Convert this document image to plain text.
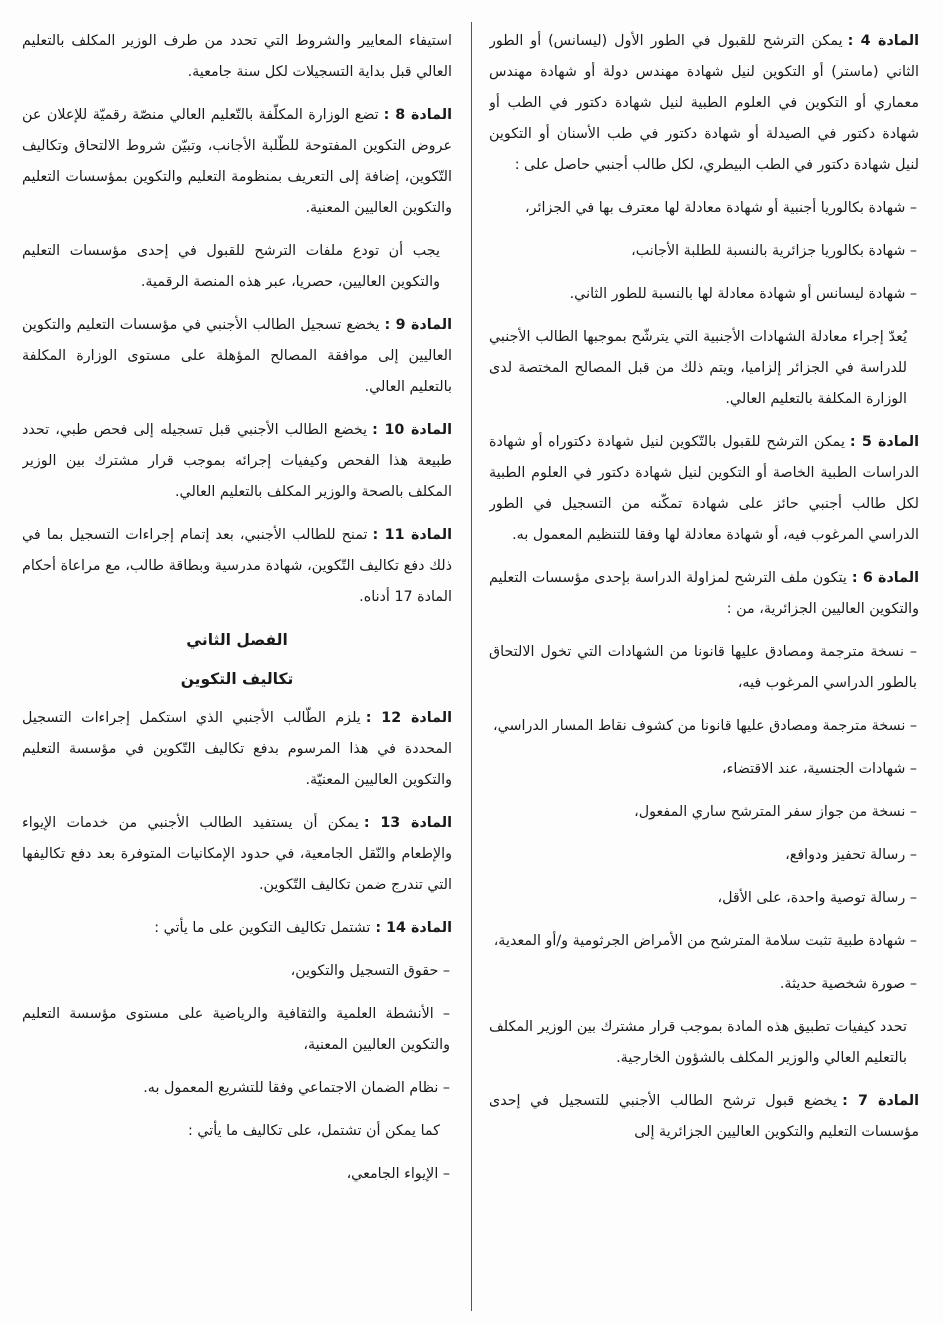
المادة 4 :يمكن الترشح للقبول في الطور الأول (ليسانس) أو الطور الثاني (ماستر) أو التكوين لنيل شهادة مهندس دولة أو شهادة مهندس معماري أو التكوين في العلوم الطبية لنيل شهادة دكتور في الطب أو شهادة دكتور في الصيدلة أو شهادة دكتور في طب الأسنان أو التكوين لنيل شهادة دكتور في الطب البيطري، لكل طالب أجنبي حاصل على :

– شهادة بكالوريا أجنبية أو شهادة معادلة لها معترف بها في الجزائر،

– شهادة بكالوريا جزائرية بالنسبة للطلبة الأجانب،

– شهادة ليسانس أو شهادة معادلة لها بالنسبة للطور الثاني.

يُعدّ إجراء معادلة الشهادات الأجنبية التي يترشّح بموجبها الطالب الأجنبي للدراسة في الجزائر إلزاميا، ويتم ذلك من قبل المصالح المختصة لدى الوزارة المكلفة بالتعليم العالي.

المادة 5 :يمكن الترشح للقبول بالتّكوين لنيل شهادة دكتوراه أو شهادة الدراسات الطبية الخاصة أو التكوين لنيل شهادة دكتور في العلوم الطبية لكل طالب أجنبي حائز على شهادة تمكّنه من التسجيل في الطور الدراسي المرغوب فيه، أو شهادة معادلة لها وفقا للتنظيم المعمول به.

المادة 6 :يتكون ملف الترشح لمزاولة الدراسة بإحدى مؤسسات التعليم والتكوين العاليين الجزائرية، من :

– نسخة مترجمة ومصادق عليها قانونا من الشهادات التي تخول الالتحاق بالطور الدراسي المرغوب فيه،

– نسخة مترجمة ومصادق عليها قانونا من كشوف نقاط المسار الدراسي،

– شهادات الجنسية، عند الاقتضاء،

– نسخة من جواز سفر المترشح ساري المفعول،

– رسالة تحفيز ودوافع،

– رسالة توصية واحدة، على الأقل،

– شهادة طبية تثبت سلامة المترشح من الأمراض الجرثومية و/أو المعدية،

– صورة شخصية حديثة.

تحدد كيفيات تطبيق هذه المادة بموجب قرار مشترك بين الوزير المكلف بالتعليم العالي والوزير المكلف بالشؤون الخارجية.

المادة 7 :يخضع قبول ترشح الطالب الأجنبي للتسجيل في إحدى مؤسسات التعليم والتكوين العاليين الجزائرية إلى

استيفاء المعايير والشروط التي تحدد من طرف الوزير المكلف بالتعليم العالي قبل بداية التسجيلات لكل سنة جامعية.

المادة 8 :تضع الوزارة المكلّفة بالتّعليم العالي منصّة رقميّة للإعلان عن عروض التكوين المفتوحة للطّلبة الأجانب، وتبيّن شروط الالتحاق وتكاليف التّكوين، إضافة إلى التعريف بمنظومة التعليم والتكوين بمؤسسات التعليم والتكوين العاليين المعنية.

يجب أن تودع ملفات الترشح للقبول في إحدى مؤسسات التعليم والتكوين العاليين، حصريا، عبر هذه المنصة الرقمية.

المادة 9 :يخضع تسجيل الطالب الأجنبي في مؤسسات التعليم والتكوين العاليين إلى موافقة المصالح المؤهلة على مستوى الوزارة المكلفة بالتعليم العالي.

المادة 10 :يخضع الطالب الأجنبي قبل تسجيله إلى فحص طبي، تحدد طبيعة هذا الفحص وكيفيات إجرائه بموجب قرار مشترك بين الوزير المكلف بالصحة والوزير المكلف بالتعليم العالي.

المادة 11 :تمنح للطالب الأجنبي، بعد إتمام إجراءات التسجيل بما في ذلك دفع تكاليف التّكوين، شهادة مدرسية وبطاقة طالب، مع مراعاة أحكام المادة 17 أدناه.

الفصل الثاني

تكاليف التكوين

المادة 12 :يلزم الطّالب الأجنبي الذي استكمل إجراءات التسجيل المحددة في هذا المرسوم بدفع تكاليف التّكوين في مؤسسة التعليم والتكوين العاليين المعنيّة.

المادة 13 :يمكن أن يستفيد الطالب الأجنبي من خدمات الإيواء والإطعام والنّقل الجامعية، في حدود الإمكانيات المتوفرة بعد دفع تكاليفها التي تندرج ضمن تكاليف التّكوين.

المادة 14 :تشتمل تكاليف التكوين على ما يأتي :

– حقوق التسجيل والتكوين،

– الأنشطة العلمية والثقافية والرياضية على مستوى مؤسسة التعليم والتكوين العاليين المعنية،

– نظام الضمان الاجتماعي وفقا للتشريع المعمول به.

كما يمكن أن تشتمل، على تكاليف ما يأتي :

– الإيواء الجامعي،
